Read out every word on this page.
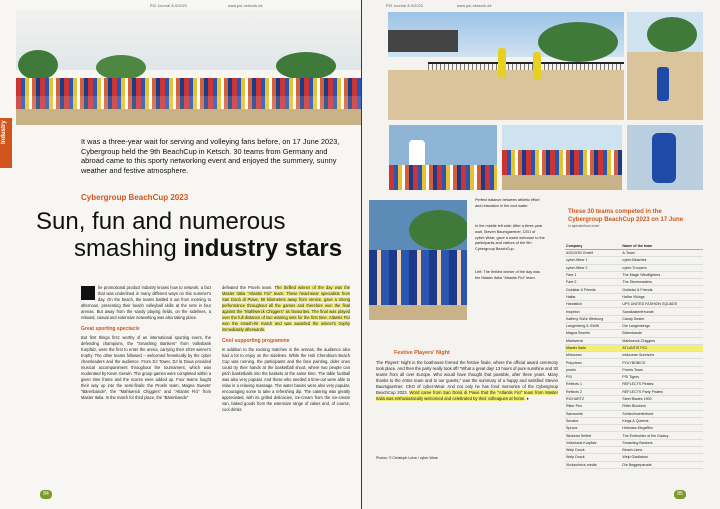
PSI Journal 8-9/2023	www.psi-network.de
Industry	It was a three-year wait for serving and volleying fans before, on 17 June 2023, Cybergroup held the 9th BeachCup in Ketsch. 30 teams from Germany and abroad came to this sporty networking event and enjoyed the summery, sunny weather and festive atmosphere.
Cybergroup BeachCup 2023
Sun, fun and numerous
smashing industry stars
he promotional product industry knows how to network, a fact that was underlined in many different ways on this summer's day. On the beach, the teams battled it out from morning to afternoon, presenting their beach volleyball skills at the nets in four arenas. But away from the sandy playing fields, on the sidelines, a relaxed, casual and extensive networking was also taking place.
Great sporting spectacle
But first things first: worthy of an international sporting event, the defending champions, the "Smashing Bankers" from Volksbank Kurpfalz, were the first to enter the arena, carrying their 2019 winner's trophy. The other teams followed – welcomed frenetically by the cyber cheerleaders and the audience. From DJ Tower, DJ la Doua provided musical accompaniment throughout the tournament, which was moderated by Kevin Gerwin. The group games were completed within a given time frame and the scores were added up. Four teams fought their way up into the semi-finals: the Proeln team, Magna Sweets' "Bärenbande", the "Mahlwerck Chiggers" and "Atlantis Fici" from Master Italia. In the match for third place, the "Bärenbande"
defeated the Proeln team. The thrilled winner of the day was the Master Italia "Atlantis Fici" team. These head-wear specialists from San Donà di Piave, 50 kilometres away from Venice, gave a strong performance throughout all the games and therefore won the final against the "Mahlwerck Chiggers" as favourites. The final was played over the full distance of two winning sets for the first time. Atlantis Fici won the smash-hit match and was awarded the winner's trophy immediately afterwards.
Cool supporting programme
In addition to the exciting matches in the arenas, the audience also had a lot to enjoy on the sidelines. While the Holi Cherobium Beach Cup was running, the participants and the face painting, older ones could try their hands at the basketball shoot, where two people can pitch basketballs into the baskets at the same time. The table football was also very popular. And those who needed a time-out were able to relax in a relaxing massage. The water basins were also very popular, encouraging some to take a refreshing dip. The catering was greatly appreciated, with its grilled delicacies, ice-cream from the ice-cream van, baked goods from the extensive range of cakes and, of course, cool drinks
84
PSI Journal 8-9/2023	www.psi-network.de
Perfect balance between athletic effort and relaxation in the cool water.
In the middle left side: After a three-year wait, Steven Baumgaertner, CEO of cyber-Wear, gave a warm welcome to the participants and visitors of the 9th Cybergroup BeachCup.
Left: The thrilled winner of the day was the Master Italia "Atlantis Fici" team.
Festive Players' Night
The Players' Night in the boathouse formed the festive finale, where the official award ceremony took place. And then the party really took off! "What a great day! 13 hours of pure sunshine and 30 teams from all over Europe. Who would have thought that possible, after three years. Many thanks to the entire team and to our guests," was the summary of a happy and satisfied Steven Baumgaertner, CEO of cyber-Wear. And not only he has fond memories of the Cybergroup BeachCup 2023. Word came from San Donà di Piave that the "Atlantis Fici" team from Master Italia was enthusiastically welcomed and celebrated by their colleagues at home. ♦
Photos: © Christoph Lutze / cyber-Wear
These 30 teams competed in the Cybergroup BeachCup 2023 on 17 June
in alphabetical order
Company	Name of the team
ASGOON GmbH	A-Team
cyber-Wear 1	cyber-Beaches
cyber-Wear 2	cyber-Troopers
Fare 1	The Magic Windfighters
Fare 2	The Stormmasters
Goldstar & Friends	Goldstar & Friends
Halfar	Halfar Vikings
Handstich	UPS UNITED FASHION SQUADS
Inspirion	Sandkastenfreunde
Kaffeny Süße Werbung	Candy Dealer
Langenberg & GWW	Die Langenbergs
Magna Sweets	Bärenbande
Mahlwerck	Mahlwerck-Chiggers
Master Italia	ATLANTIS FICI
Midocean	midocean Sunrisers
Polyclean	POLYBOBICS
proeln	Proeln-Team
PSI	PSI Tigers
Reflects 1	REFLECTS Pirates
Reflects 2	REFLECTS Party Pirates
RICHARTZ	Steel Blades 1900
Ritter Pen	Ritter Blockers
Samsonite	Schlechtwetterfront
Senator	Kings & Queens
Spranz	Hetmass MegaRex
Stickerei Seifert	The Embroider of the Galaxy
Volksbank Kurpfalz	Smashing Bankers
Welp Druck	Beach Lions
Welp Druck	Welp Gladiators
Xindao/mics-media	Die Beggerparade
85
